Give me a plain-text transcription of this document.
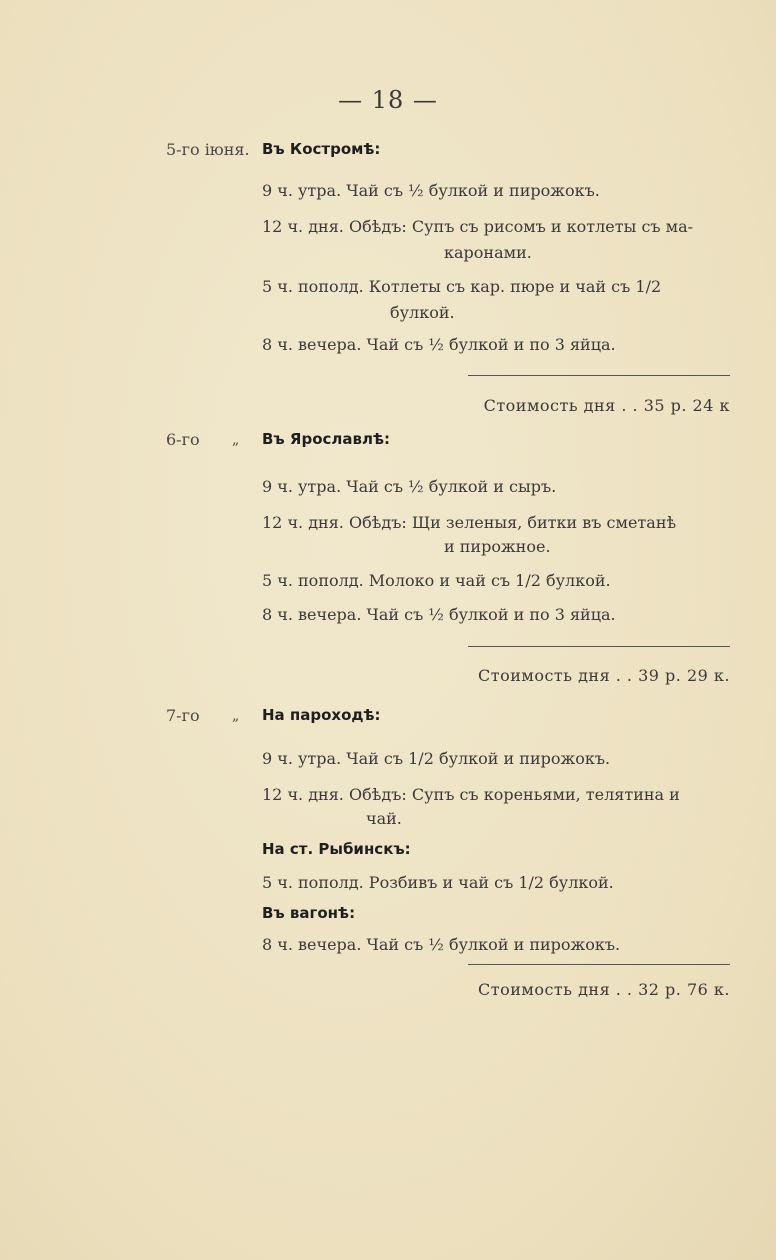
— 18 —
5-го іюня. Въ Костромѣ:
9 ч. утра. Чай съ ½ булкой и пирожокъ.
12 ч. дня. Обѣдъ: Супъ съ рисомъ и котлеты съ ма-
каронами.
5 ч. пополд. Котлеты съ кар. пюре и чай съ 1/2
булкой.
8 ч. вечера. Чай съ ½ булкой и по 3 яйца.
Стоимость дня . . 35 р. 24 к
6-го „ Въ Ярославлѣ:
9 ч. утра. Чай съ ½ булкой и сыръ.
12 ч. дня. Обѣдъ: Щи зеленыя, битки въ сметанѣ
и пирожное.
5 ч. пополд. Молоко и чай съ 1/2 булкой.
8 ч. вечера. Чай съ ½ булкой и по 3 яйца.
Стоимость дня . . 39 р. 29 к.
7-го „ На пароходѣ:
9 ч. утра. Чай съ 1/2 булкой и пирожокъ.
12 ч. дня. Обѣдъ: Супъ съ кореньями, телятина и
чай.
На ст. Рыбинскъ:
5 ч. пополд. Розбивъ и чай съ 1/2 булкой.
Въ вагонѣ:
8 ч. вечера. Чай съ ½ булкой и пирожокъ.
Стоимость дня . . 32 р. 76 к.
